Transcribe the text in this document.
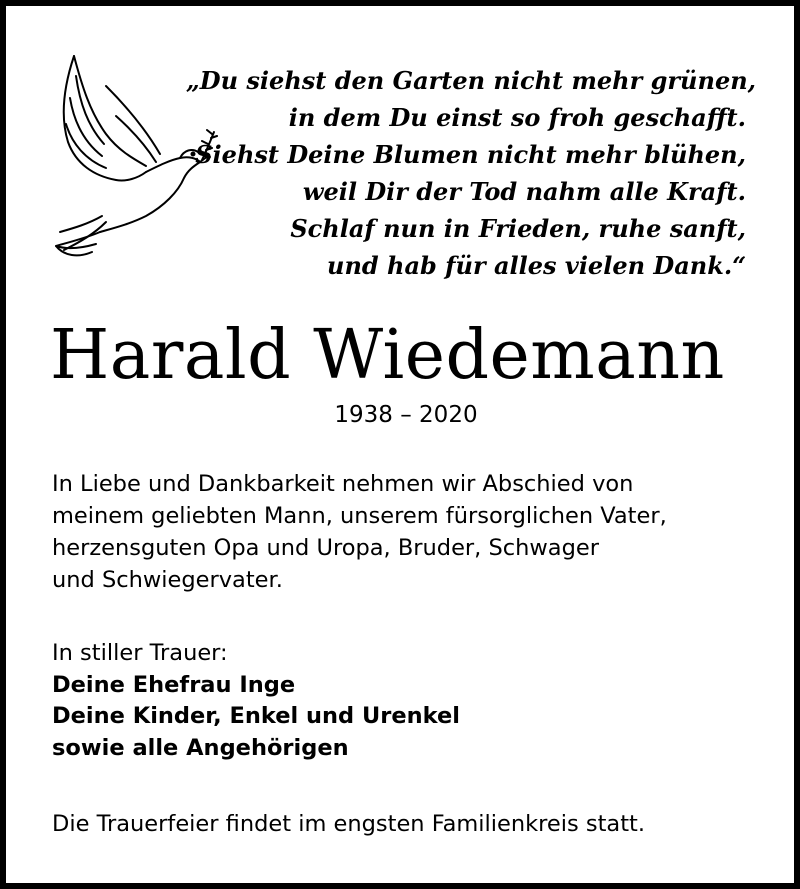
„Du siehst den Garten nicht mehr grünen,
in dem Du einst so froh geschafft.
Siehst Deine Blumen nicht mehr blühen,
weil Dir der Tod nahm alle Kraft.
Schlaf nun in Frieden, ruhe sanft,
und hab für alles vielen Dank.“
Harald Wiedemann
1938 – 2020
In Liebe und Dankbarkeit nehmen wir Abschied von
meinem geliebten Mann, unserem fürsorglichen Vater,
herzensguten Opa und Uropa, Bruder, Schwager
und Schwiegervater.
In stiller Trauer:
Deine Ehefrau Inge
Deine Kinder, Enkel und Urenkel
sowie alle Angehörigen
Die Trauerfeier findet im engsten Familienkreis statt.
